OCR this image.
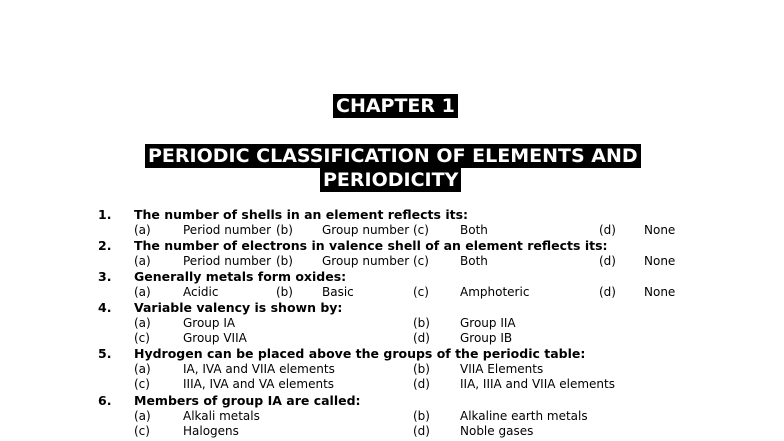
CHAPTER 1
PERIODIC CLASSIFICATION OF ELEMENTS AND
PERIODICITY
1. The number of shells in an element reflects its:
(a)	Period number (b) Group number (c)	Both	(d) None
2. The number of electrons in valence shell of an element reflects its:
(a)	Period number (b) Group number (c)	Both	(d) None
3. Generally metals form oxides:
(a)	Acidic	(b) Basic	(c)	Amphoteric	(d) None
4. Variable valency is shown by:
(a)	Group IA	(b)	Group IIA
(c)	Group VIIA	(d)	Group IB
5. Hydrogen can be placed above the groups of the periodic table:
(a)	IA, IVA and VIIA elements	(b)	VIIA Elements
(c)	IIIA, IVA and VA elements	(d)	IIA, IIIA and VIIA elements
6. Members of group IA are called:
(a)	Alkali metals	(b)	Alkaline earth metals
(c)	Halogens	(d)	Noble gases
